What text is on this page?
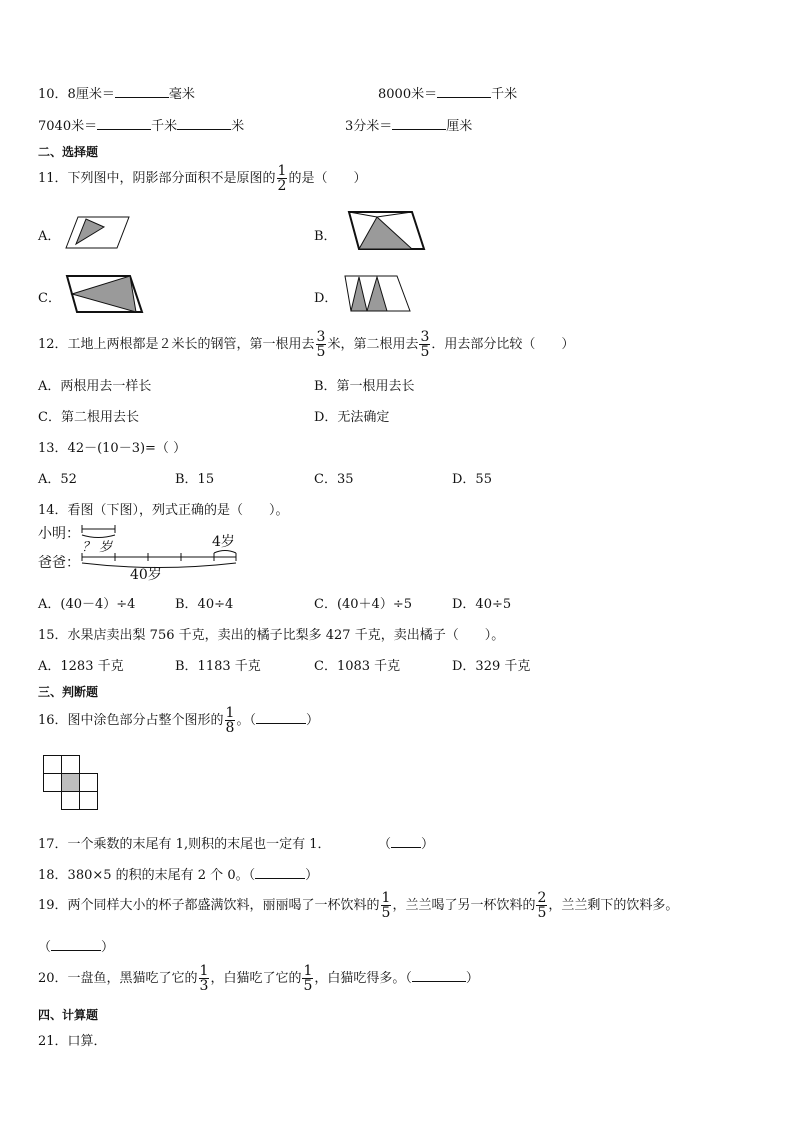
10．8厘米＝	毫米	8000米＝	千米
7040米＝	千米	米	3分米＝	厘米
二、选择题
11．下列图中，阴影部分面积不是原图的 $\frac{1}{2}$ 的是（　　）
A．	B．
C．	D．
12．工地上两根都是２米长的钢管，第一根用去 $\frac{3}{5}$ 米，第二根用去 $\frac{3}{5}$ ．用去部分比较（　　）
A．两根用去一样长	B．第一根用去长
C．第二根用去长	D．无法确定
13．42－(10－3)=（ ）
A．52	B．15	C．35	D．55
14．看图（下图），列式正确的是（　　）。
小明：
爸爸：
？ 岁	4岁
40岁
A．(40－4）÷4	B．40÷4	C．(40＋4）÷5	D．40÷5
15．水果店卖出梨 756 千克，卖出的橘子比梨多 427 千克，卖出橘子（　　）。
A．1283 千克	B．1183 千克	C．1083 千克	D．329 千克
三、判断题
16．图中涂色部分占整个图形的 $\frac{1}{8}$ 。（	）
17．一个乘数的末尾有 1,则积的末尾也一定有 1．	（ ）
18．380×5 的积的末尾有 2 个 0。（	）
19．两个同样大小的杯子都盛满饮料，丽丽喝了一杯饮料的 $\frac{1}{5}$ ，兰兰喝了另一杯饮料的 $\frac{2}{5}$ ，兰兰剩下的饮料多。
（	）
20．一盘鱼，黑猫吃了它的 $\frac{1}{3}$ ，白猫吃了它的 $\frac{1}{5}$ ，白猫吃得多。（	）
四、计算题
21．口算．
